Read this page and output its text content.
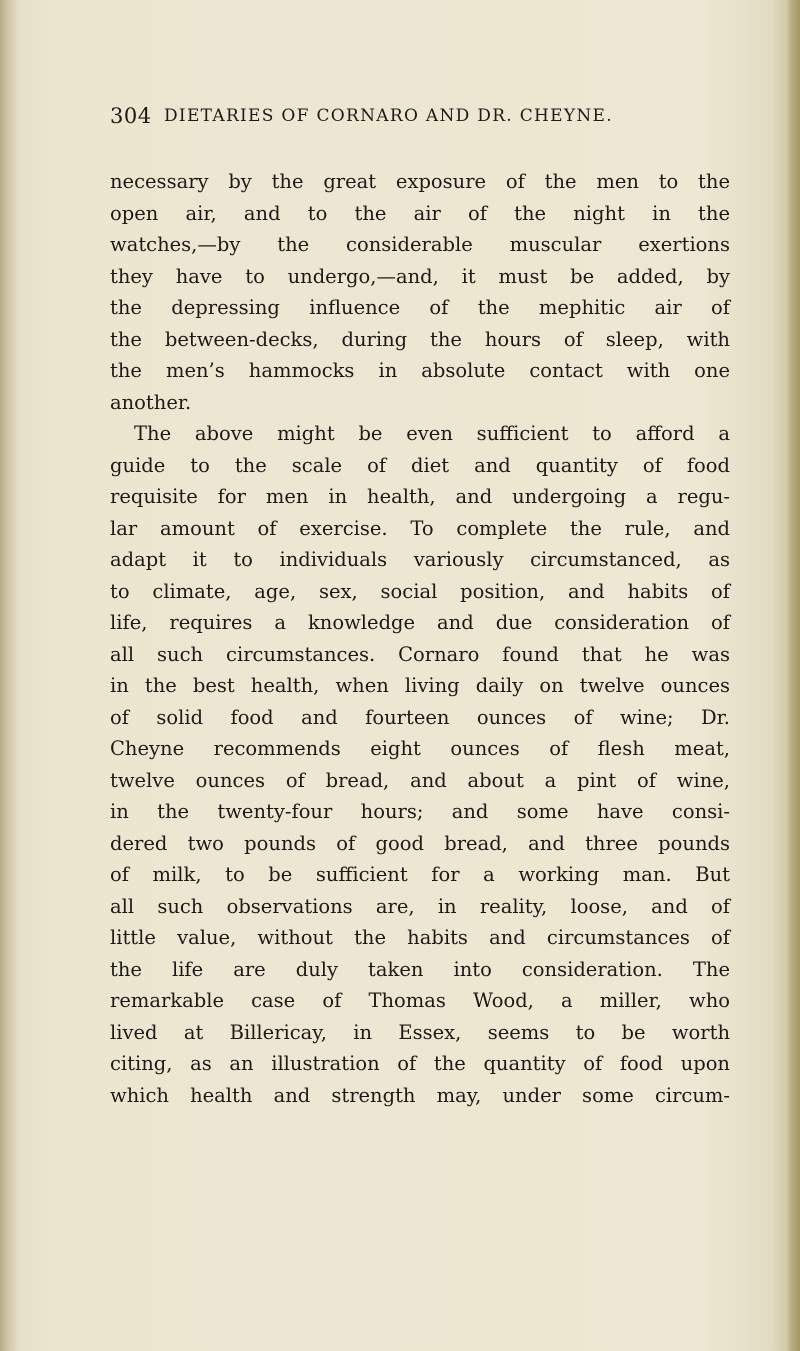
304 DIETARIES OF CORNARO AND DR. CHEYNE.
necessary by the great exposure of the men to the
open air, and to the air of the night in the
watches,—by the considerable muscular exertions
they have to undergo,—and, it must be added, by
the depressing influence of the mephitic air of
the between-decks, during the hours of sleep, with
the men’s hammocks in absolute contact with one
another.
The above might be even sufficient to afford a
guide to the scale of diet and quantity of food
requisite for men in health, and undergoing a regu-
lar amount of exercise. To complete the rule, and
adapt it to individuals variously circumstanced, as
to climate, age, sex, social position, and habits of
life, requires a knowledge and due consideration of
all such circumstances. Cornaro found that he was
in the best health, when living daily on twelve ounces
of solid food and fourteen ounces of wine; Dr.
Cheyne recommends eight ounces of flesh meat,
twelve ounces of bread, and about a pint of wine,
in the twenty-four hours; and some have consi-
dered two pounds of good bread, and three pounds
of milk, to be sufficient for a working man. But
all such observations are, in reality, loose, and of
little value, without the habits and circumstances of
the life are duly taken into consideration. The
remarkable case of Thomas Wood, a miller, who
lived at Billericay, in Essex, seems to be worth
citing, as an illustration of the quantity of food upon
which health and strength may, under some circum-
